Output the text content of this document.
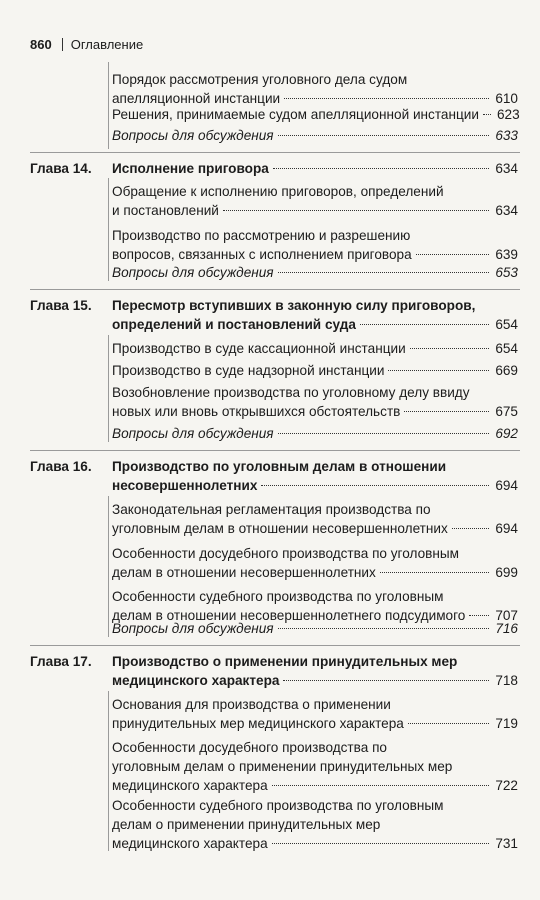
860 Оглавление
Порядок рассмотрения уголовного дела судом
апелляционной инстанции	610
Решения, принимаемые судом апелляционной инстанции 623
Вопросы для обсуждения	633
Глава 14. Исполнение приговора	634
Обращение к исполнению приговоров, определений
и постановлений	634
Производство по рассмотрению и разрешению
вопросов, связанных с исполнением приговора	639
Вопросы для обсуждения	653
Глава 15. Пересмотр вступивших в законную силу приговоров,
определений и постановлений суда	654
Производство в суде кассационной инстанции	654
Производство в суде надзорной инстанции	669
Возобновление производства по уголовному делу ввиду
новых или вновь открывшихся обстоятельств	675
Вопросы для обсуждения	692
Глава 16. Производство по уголовным делам в отношении
несовершеннолетних	694
Законодательная регламентация производства по
уголовным делам в отношении несовершеннолетних	694
Особенности досудебного производства по уголовным
делам в отношении несовершеннолетних	699
Особенности судебного производства по уголовным
делам в отношении несовершеннолетнего подсудимого 707
Вопросы для обсуждения	716
Глава 17. Производство о применении принудительных мер
медицинского характера	718
Основания для производства о применении
принудительных мер медицинского характера	719
Особенности досудебного производства по
уголовным делам о применении принудительных мер
медицинского характера	722
Особенности судебного производства по уголовным
делам о применении принудительных мер
медицинского характера	731
